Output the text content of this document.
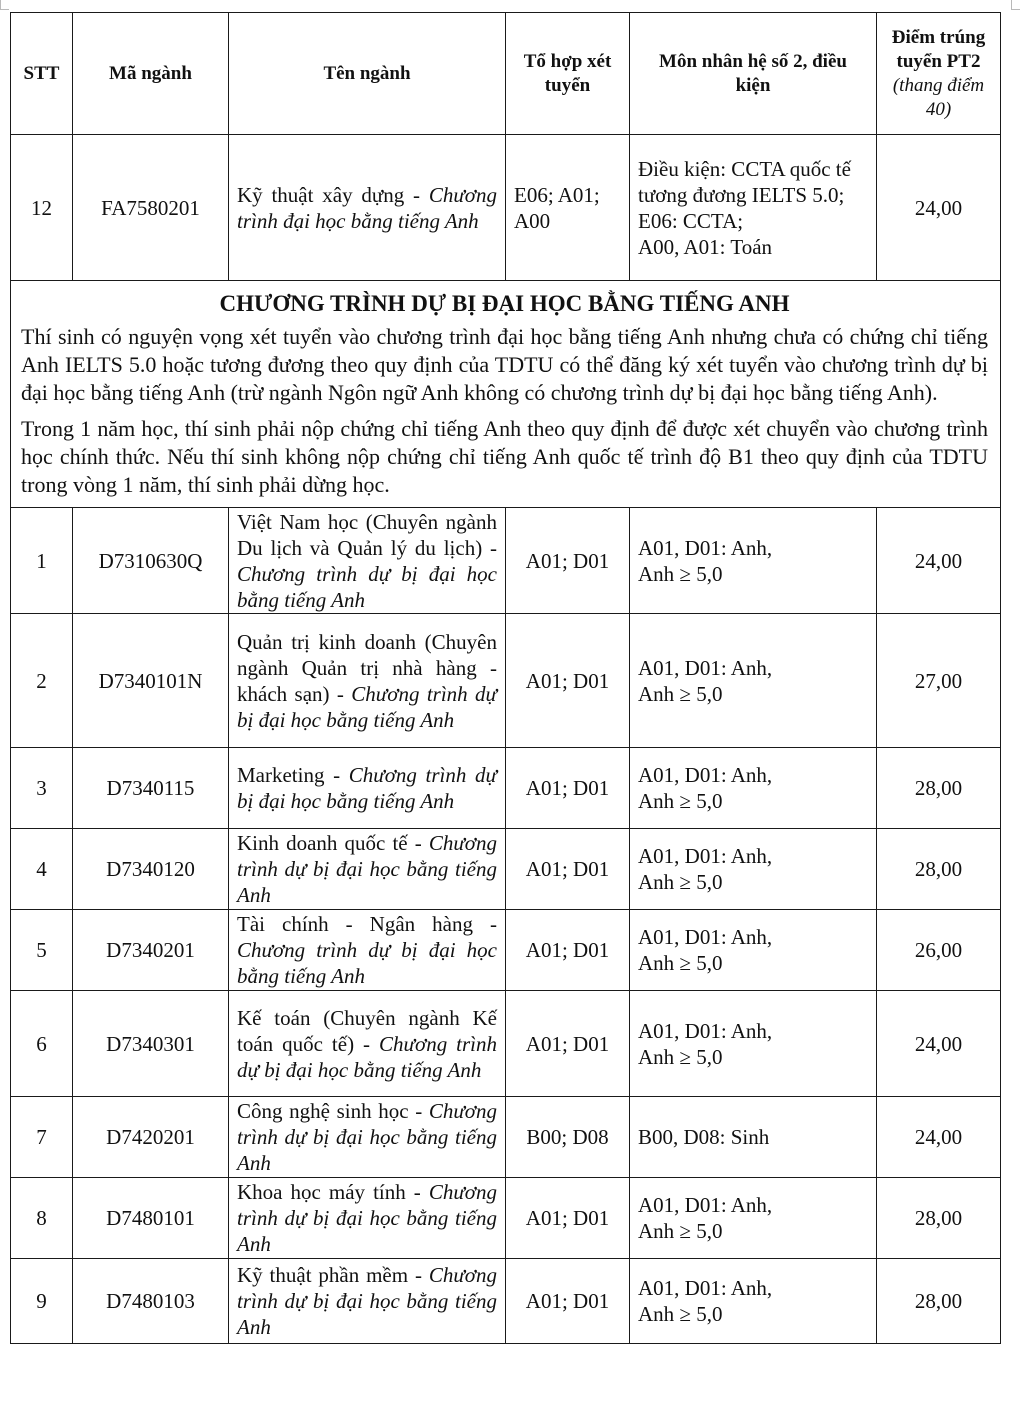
STT	Mã ngành	Tên ngành	Tổ hợp xét tuyển	Môn nhân hệ số 2, điều kiện	Điểm trúng tuyển PT2
(thang điểm 40)

12	FA7580201	Kỹ thuật xây dựng - Chương trình đại học bằng tiếng Anh	E06; A01; A00	Điều kiện: CCTA quốc tế tương đương IELTS 5.0;
E06: CCTA;
A00, A01: Toán	24,00

CHƯƠNG TRÌNH DỰ BỊ ĐẠI HỌC BẰNG TIẾNG ANH

Thí sinh có nguyện vọng xét tuyển vào chương trình đại học bằng tiếng Anh nhưng chưa có chứng chỉ tiếng Anh IELTS 5.0 hoặc tương đương theo quy định của TDTU có thể đăng ký xét tuyển vào chương trình dự bị đại học bằng tiếng Anh (trừ ngành Ngôn ngữ Anh không có chương trình dự bị đại học bằng tiếng Anh).

Trong 1 năm học, thí sinh phải nộp chứng chỉ tiếng Anh theo quy định để được xét chuyển vào chương trình học chính thức. Nếu thí sinh không nộp chứng chỉ tiếng Anh quốc tế trình độ B1 theo quy định của TDTU trong vòng 1 năm, thí sinh phải dừng học.					

1	D7310630Q	Việt Nam học (Chuyên ngành Du lịch và Quản lý du lịch) - Chương trình dự bị đại học bằng tiếng Anh	A01; D01	A01, D01: Anh,
Anh ≥ 5,0	24,00
2	D7340101N	Quản trị kinh doanh (Chuyên ngành Quản trị nhà hàng - khách sạn) - Chương trình dự bị đại học bằng tiếng Anh	A01; D01	A01, D01: Anh,
Anh ≥ 5,0	27,00
3	D7340115	Marketing - Chương trình dự bị đại học bằng tiếng Anh	A01; D01	A01, D01: Anh,
Anh ≥ 5,0	28,00
4	D7340120	Kinh doanh quốc tế - Chương trình dự bị đại học bằng tiếng Anh	A01; D01	A01, D01: Anh,
Anh ≥ 5,0	28,00
5	D7340201	Tài chính - Ngân hàng - Chương trình dự bị đại học bằng tiếng Anh	A01; D01	A01, D01: Anh,
Anh ≥ 5,0	26,00
6	D7340301	Kế toán (Chuyên ngành Kế toán quốc tế) - Chương trình dự bị đại học bằng tiếng Anh	A01; D01	A01, D01: Anh,
Anh ≥ 5,0	24,00
7	D7420201	Công nghệ sinh học - Chương trình dự bị đại học bằng tiếng Anh	B00; D08	B00, D08: Sinh	24,00
8	D7480101	Khoa học máy tính - Chương trình dự bị đại học bằng tiếng Anh	A01; D01	A01, D01: Anh,
Anh ≥ 5,0	28,00
9	D7480103	Kỹ thuật phần mềm - Chương trình dự bị đại học bằng tiếng Anh	A01; D01	A01, D01: Anh,
Anh ≥ 5,0	28,00
